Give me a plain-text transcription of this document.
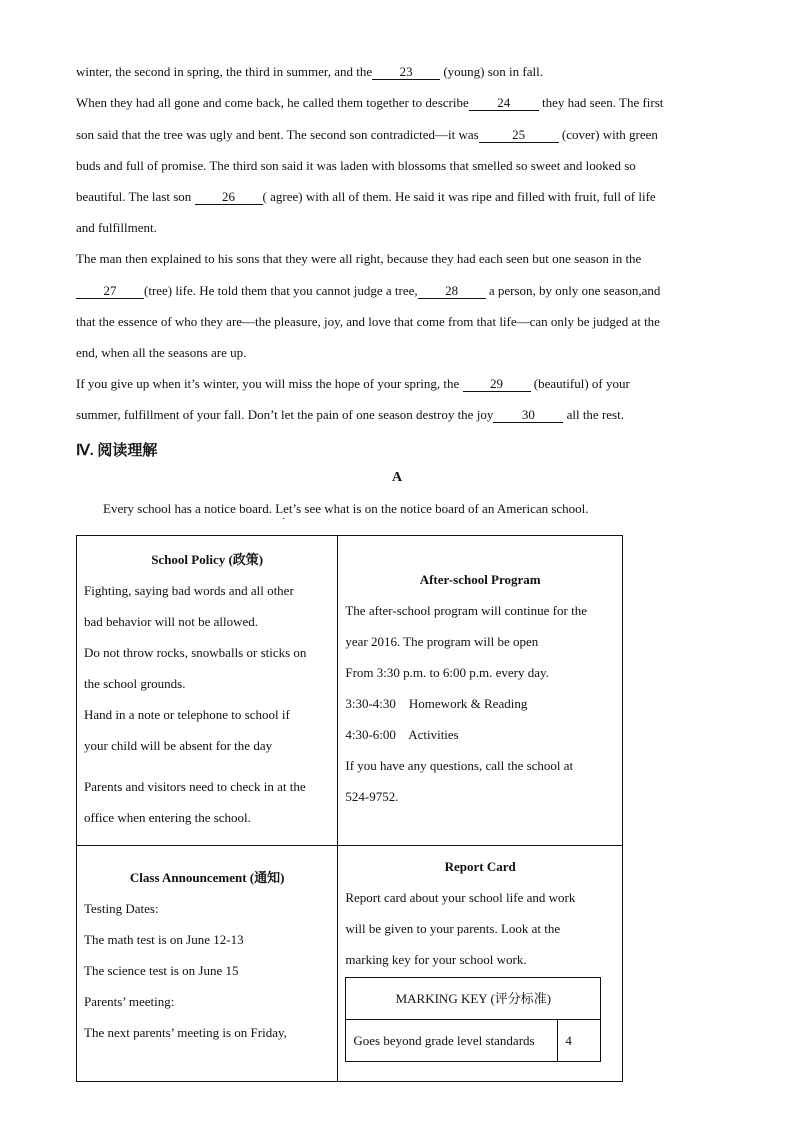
winter, the second in spring, the third in summer, and the 23 (young) son in fall.
When they had all gone and come back, he called them together to describe 24 they had seen. The first
son said that the tree was ugly and bent. The second son contradicted—it was	25	(cover) with green
buds and full of promise. The third son said it was laden with blossoms that smelled so sweet and looked so
beautiful. The last son 26 ( agree) with all of them. He said it was ripe and filled with fruit, full of life
and fulfillment.
The man then explained to his sons that they were all right, because they had each seen but one season in the
27 (tree) life. He told them that you cannot judge a tree, 28 a person, by only one season,and
that the essence of who they are—the pleasure, joy, and love that come from that life—can only be judged at the
end, when all the seasons are up.
If you give up when it’s winter, you will miss the hope of your spring, the 29 (beautiful) of your
summer, fulfillment of your fall. Don’t let the pain of one season destroy the joy 30 all the rest.
Ⅳ. 阅读理解
A
Every school has a notice board. Let’s see what is on the notice board of an American school.
·
School Policy (政策)
Fighting, saying bad words and all other
bad behavior will not be allowed.
Do not throw rocks, snowballs or sticks on
the school grounds.
Hand in a note or telephone to school if
your child will be absent for the day
Parents and visitors need to check in at the
office when entering the school.

After-school Program
The after-school program will continue for the
year 2016. The program will be open
From 3:30 p.m. to 6:00 p.m. every day.
3:30-4:30    Homework & Reading
4:30-6:00    Activities
If you have any questions, call the school at
524-9752.

Class Announcement (通知)
Testing Dates:
The math test is on June 12-13
The science test is on June 15
Parents’ meeting:
The next parents’ meeting is on Friday,

Report Card
Report card about your school life and work
will be given to your parents. Look at the
marking key for your school work.
MARKING KEY (评分标准)
Goes beyond grade level standards	4
